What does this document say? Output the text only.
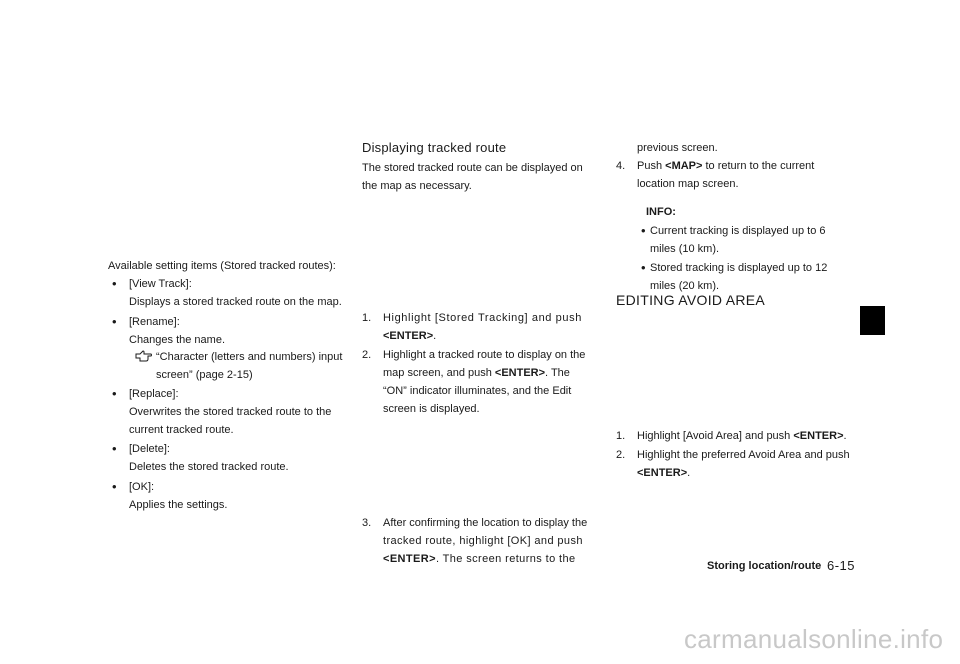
Available setting items (Stored tracked routes):
• [View Track]:
Displays a stored tracked route on the map.
• [Rename]:
Changes the name.
“Character (letters and numbers) input
screen” (page 2-15)
• [Replace]:
Overwrites the stored tracked route to the
current tracked route.
• [Delete]:
Deletes the stored tracked route.
• [OK]:
Applies the settings.
Displaying tracked route
The stored tracked route can be displayed on
the map as necessary.
1. Highlight [Stored Tracking] and push
<ENTER>.
2. Highlight a tracked route to display on the
map screen, and push <ENTER>. The
“ON” indicator illuminates, and the Edit
screen is displayed.
3. After confirming the location to display the
tracked route, highlight [OK] and push
<ENTER>. The screen returns to the
previous screen.
4. Push <MAP> to return to the current
location map screen.
INFO:
• Current tracking is displayed up to 6
miles (10 km).
• Stored tracking is displayed up to 12
miles (20 km).
EDITING AVOID AREA
1. Highlight [Avoid Area] and push <ENTER>.
2. Highlight the preferred Avoid Area and push
<ENTER>.
Storing location/route 6-15
carmanualsonline.info
